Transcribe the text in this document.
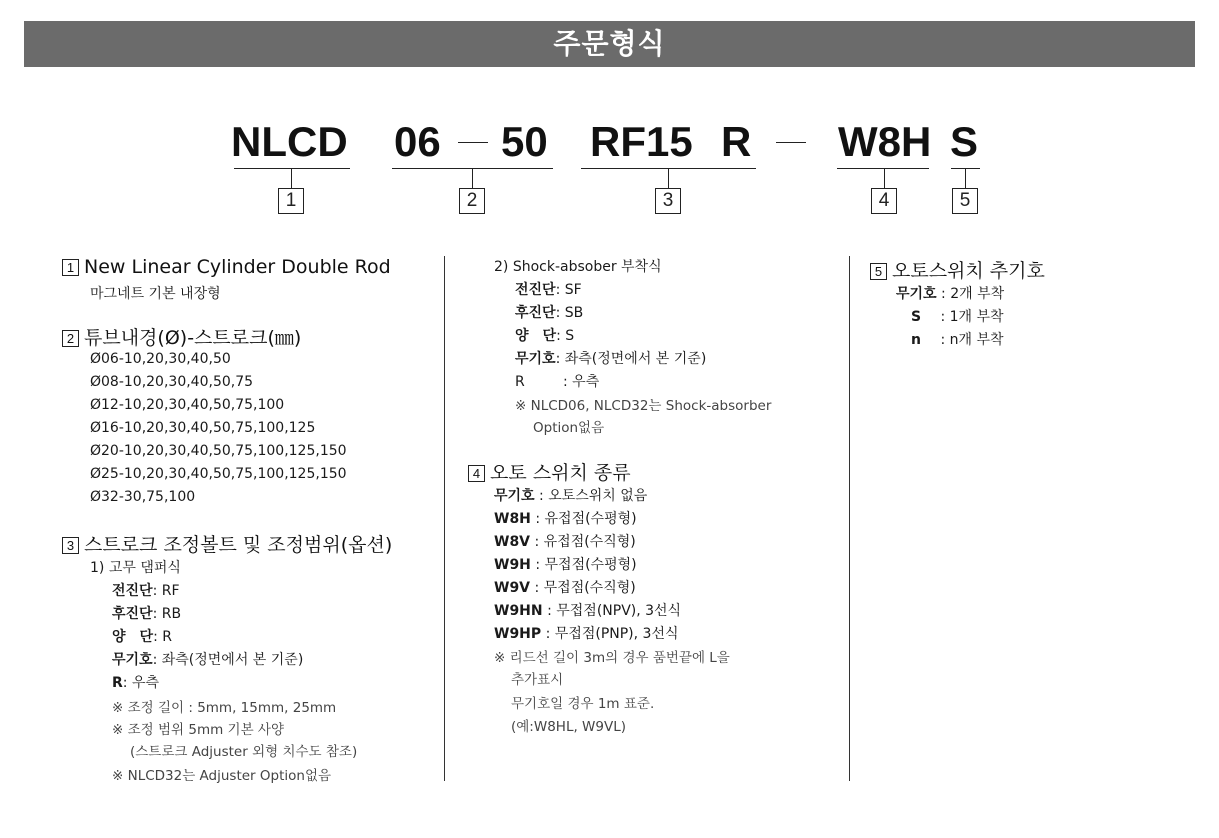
주문형식
NLCD 06 50 RF15 R W8H S
1	2	3	4	5
1 New Linear Cylinder Double Rod
마그네트 기본 내장형
2 튜브내경(Ø)-스트로크(㎜)
Ø06-10,20,30,40,50
Ø08-10,20,30,40,50,75
Ø12-10,20,30,40,50,75,100
Ø16-10,20,30,40,50,75,100,125
Ø20-10,20,30,40,50,75,100,125,150
Ø25-10,20,30,40,50,75,100,125,150
Ø32-30,75,100
3 스트로크 조정볼트 및 조정범위(옵션)
1) 고무 댐퍼식
전진단: RF
후진단: RB
양　단: R
무기호: 좌측(정면에서 본 기준)
R: 우측
※ 조정 길이 : 5mm, 15mm, 25mm
※ 조정 범위 5mm 기본 사양
(스트로크 Adjuster 외형 치수도 참조)
※ NLCD32는 Adjuster Option없음
2) Shock-absober 부착식
전진단: SF
후진단: SB
양　단: S
무기호: 좌측(정면에서 본 기준)
R	: 우측
※ NLCD06, NLCD32는 Shock-absorber
Option없음
4 오토 스위치 종류
무기호 : 오토스위치 없음
W8H : 유접점(수평형)
W8V : 유접점(수직형)
W9H : 무접점(수평형)
W9V : 무접점(수직형)
W9HN : 무접점(NPV), 3선식
W9HP : 무접점(PNP), 3선식
※ 리드선 길이 3m의 경우 품번끝에 L을
추가표시
무기호일 경우 1m 표준.
(예:W8HL, W9VL)
5 오토스위치 추기호
무기호 : 2개 부착
S : 1개 부착
n : n개 부착
